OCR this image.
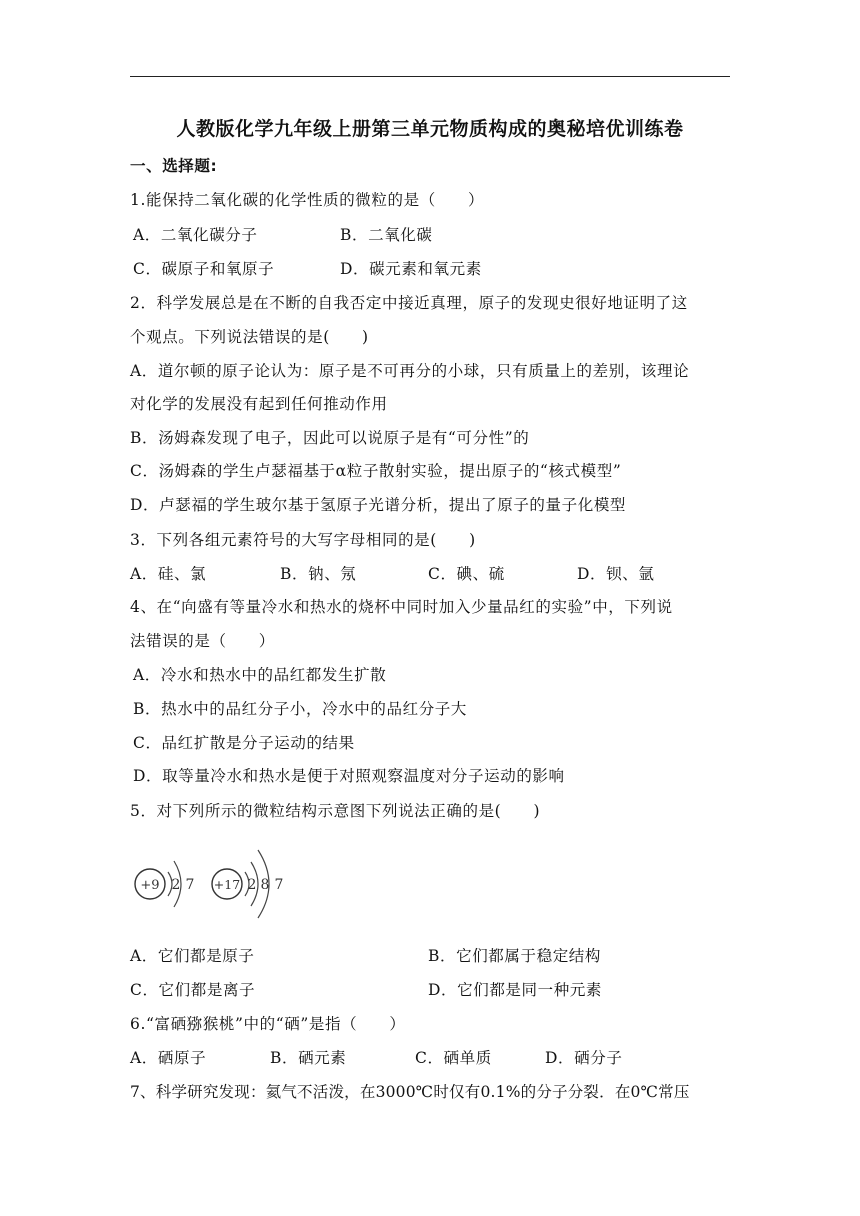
人教版化学九年级上册第三单元物质构成的奥秘培优训练卷
一、选择题:
1.能保持二氧化碳的化学性质的微粒的是（　　）
A．二氧化碳分子	B．二氧化碳
C．碳原子和氧原子	D．碳元素和氧元素
2．科学发展总是在不断的自我否定中接近真理，原子的发现史很好地证明了这
个观点。下列说法错误的是(　　)
A．道尔顿的原子论认为：原子是不可再分的小球，只有质量上的差别，该理论
对化学的发展没有起到任何推动作用
B．汤姆森发现了电子，因此可以说原子是有“可分性”的
C．汤姆森的学生卢瑟福基于α粒子散射实验，提出原子的“核式模型”
D．卢瑟福的学生玻尔基于氢原子光谱分析，提出了原子的量子化模型
3．下列各组元素符号的大写字母相同的是(　　)
A．硅、氯	B．钠、氖	C．碘、硫	D．钡、氩
4、在“向盛有等量冷水和热水的烧杯中同时加入少量品红的实验”中，下列说
法错误的是（　　）
A．冷水和热水中的品红都发生扩散
B．热水中的品红分子小，冷水中的品红分子大
C．品红扩散是分子运动的结果
D．取等量冷水和热水是便于对照观察温度对分子运动的影响
5．对下列所示的微粒结构示意图下列说法正确的是(　　)
+9 2 7 +17 2 8 7
A．它们都是原子	B．它们都属于稳定结构
C．它们都是离子	D．它们都是同一种元素
6.“富硒猕猴桃”中的“硒”是指（　　）
A．硒原子	B．硒元素	C．硒单质	D．硒分子
7、科学研究发现：氦气不活泼，在3000℃时仅有0.1%的分子分裂．在0℃常压
